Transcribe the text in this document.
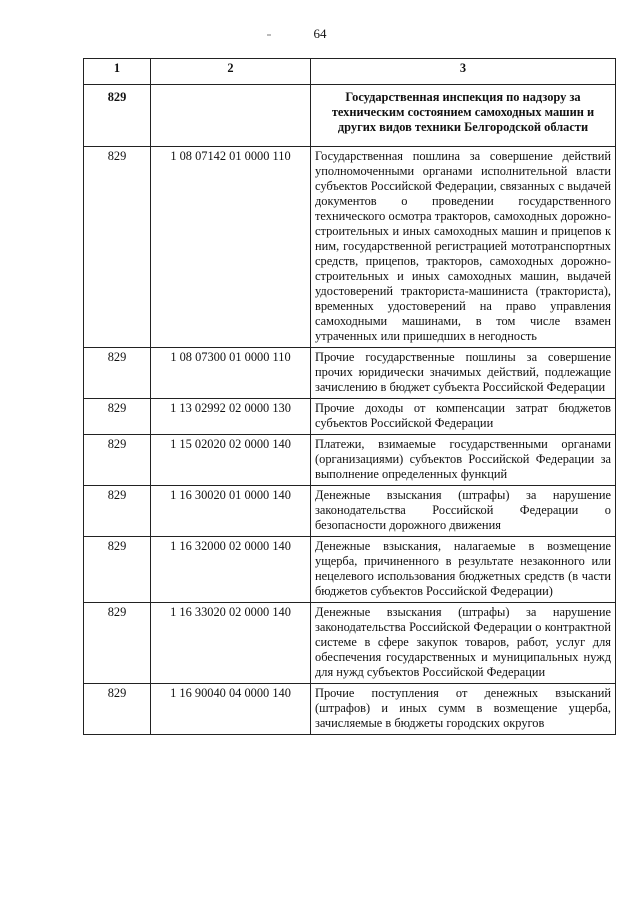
64
1	2	3
829		Государственная инспекция по надзору за техническим состоянием самоходных машин и других видов техники Белгородской области
829	1 08 07142 01 0000 110	Государственная пошлина за совершение действий уполномоченными органами исполнительной власти субъектов Российской Федерации, связанных с выдачей документов о проведении государственного технического осмотра тракторов, самоходных дорожно-строительных и иных самоходных машин и прицепов к ним, государственной регистрацией мототранспортных средств, прицепов, тракторов, самоходных дорожно-строительных и иных самоходных машин, выдачей удостоверений тракториста-машиниста (тракториста), временных удостоверений на право управления самоходными машинами, в том числе взамен утраченных или пришедших в негодность
829	1 08 07300 01 0000 110	Прочие государственные пошлины за совершение прочих юридически значимых действий, подлежащие зачислению в бюджет субъекта Российской Федерации
829	1 13 02992 02 0000 130	Прочие доходы от компенсации затрат бюджетов субъектов Российской Федерации
829	1 15 02020 02 0000 140	Платежи, взимаемые государственными органами (организациями) субъектов Российской Федерации за выполнение определенных функций
829	1 16 30020 01 0000 140	Денежные взыскания (штрафы) за нарушение законодательства Российской Федерации о безопасности дорожного движения
829	1 16 32000 02 0000 140	Денежные взыскания, налагаемые в возмещение ущерба, причиненного в результате незаконного или нецелевого использования бюджетных средств (в части бюджетов субъектов Российской Федерации)
829	1 16 33020 02 0000 140	Денежные взыскания (штрафы) за нарушение законодательства Российской Федерации о контрактной системе в сфере закупок товаров, работ, услуг для обеспечения государственных и муниципальных нужд для нужд субъектов Российской Федерации
829	1 16 90040 04 0000 140	Прочие поступления от денежных взысканий (штрафов) и иных сумм в возмещение ущерба, зачисляемые в бюджеты городских округов
